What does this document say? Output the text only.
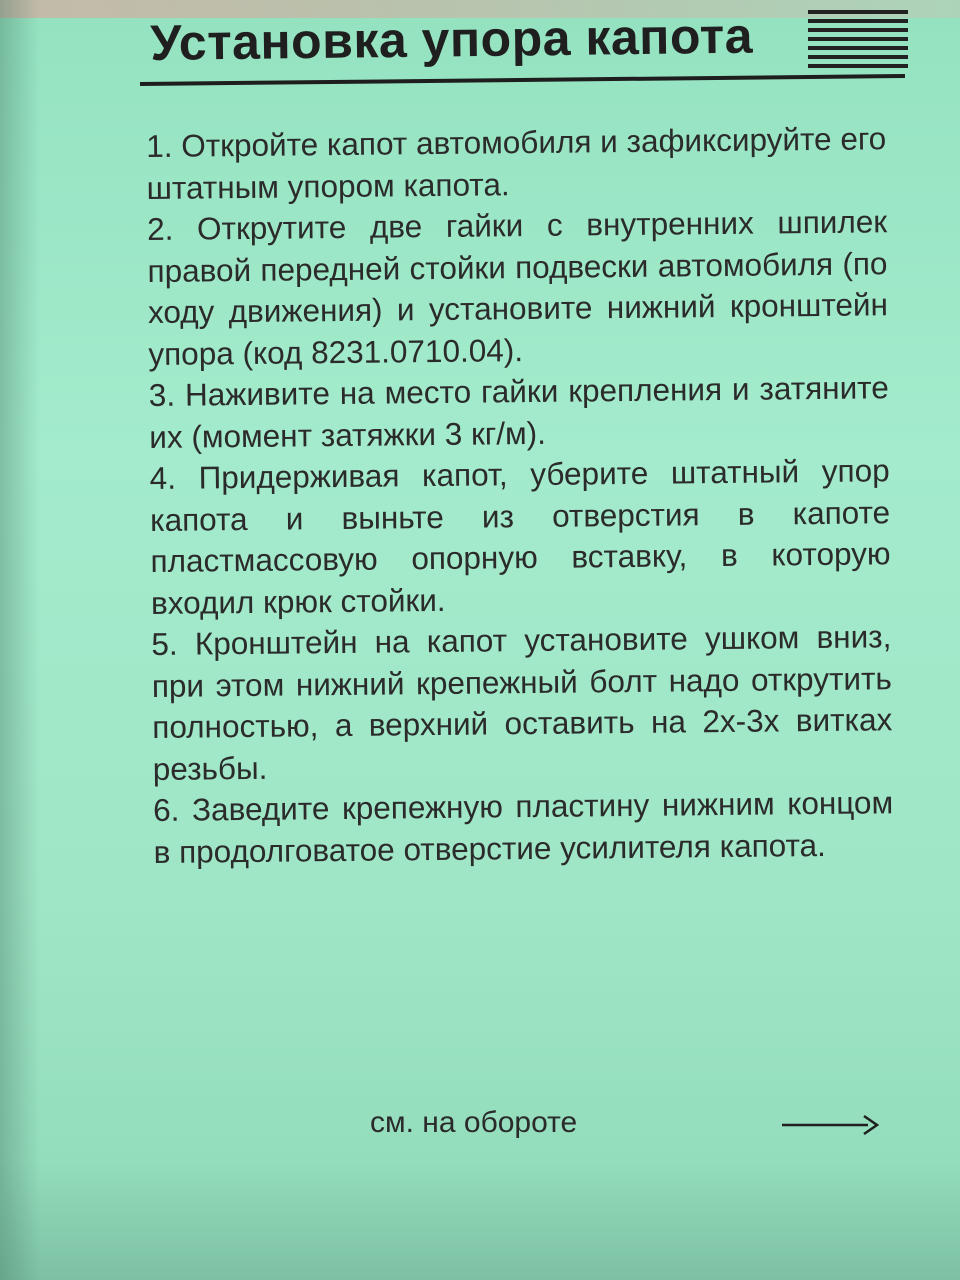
Установка упора капота
1. Откройте капот автомобиля и зафиксируйте его штатным упором капота.
2. Открутите две гайки с внутренних шпилек правой передней стойки подвески автомобиля (по ходу движения) и установите нижний кронштейн упора (код 8231.0710.04).
3. Наживите на место гайки крепления и затяните их (момент затяжки 3 кг/м).
4. Придерживая капот, уберите штатный упор капота и выньте из отверстия в капоте пластмассовую опорную вставку, в которую входил крюк стойки.
5. Кронштейн на капот установите ушком вниз, при этом нижний крепежный болт надо открутить полностью, а верхний оставить на 2х-3х витках резьбы.
6. Заведите крепежную пластину нижним концом в продолговатое отверстие усилителя капота.

см. на обороте
